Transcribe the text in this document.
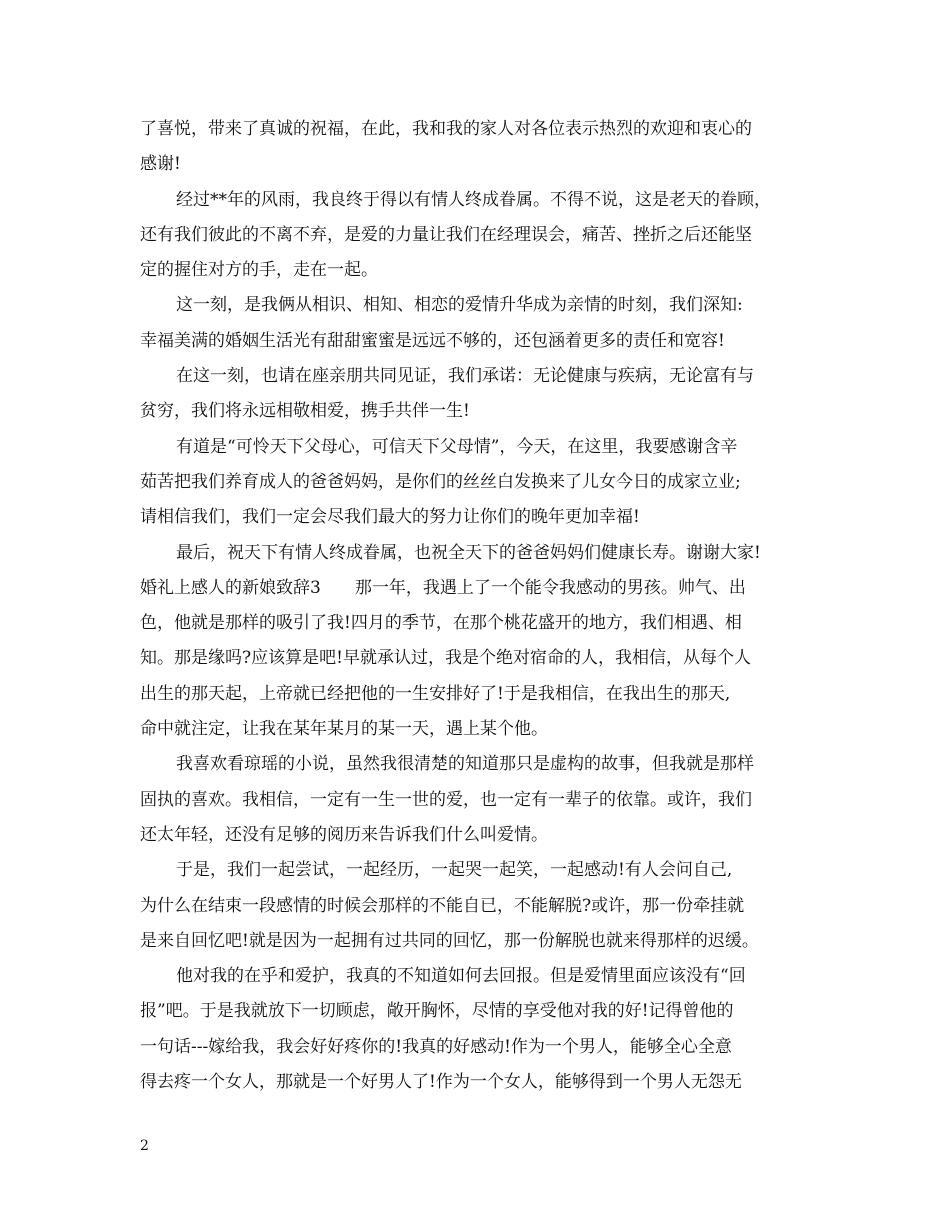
了喜悦，带来了真诚的祝福，在此，我和我的家人对各位表示热烈的欢迎和衷心的
感谢!
经过**年的风雨，我良终于得以有情人终成眷属。不得不说，这是老天的眷顾，
还有我们彼此的不离不弃，是爱的力量让我们在经理误会，痛苦、挫折之后还能坚
定的握住对方的手，走在一起。
这一刻，是我俩从相识、相知、相恋的爱情升华成为亲情的时刻，我们深知:
幸福美满的婚姻生活光有甜甜蜜蜜是远远不够的，还包涵着更多的责任和宽容!
在这一刻，也请在座亲朋共同见证，我们承诺：无论健康与疾病，无论富有与
贫穷，我们将永远相敬相爱，携手共伴一生!
有道是“可怜天下父母心，可信天下父母情”，今天，在这里，我要感谢含辛
茹苦把我们养育成人的爸爸妈妈，是你们的丝丝白发换来了儿女今日的成家立业;
请相信我们，我们一定会尽我们最大的努力让你们的晚年更加幸福!
最后，祝天下有情人终成眷属，也祝全天下的爸爸妈妈们健康长寿。谢谢大家!
婚礼上感人的新娘致辞3　　那一年，我遇上了一个能令我感动的男孩。帅气、出
色，他就是那样的吸引了我!四月的季节，在那个桃花盛开的地方，我们相遇、相
知。那是缘吗?应该算是吧!早就承认过，我是个绝对宿命的人，我相信，从每个人
出生的那天起，上帝就已经把他的一生安排好了!于是我相信，在我出生的那天,
命中就注定，让我在某年某月的某一天，遇上某个他。
我喜欢看琼瑶的小说，虽然我很清楚的知道那只是虚构的故事，但我就是那样
固执的喜欢。我相信，一定有一生一世的爱，也一定有一辈子的依靠。或许，我们
还太年轻，还没有足够的阅历来告诉我们什么叫爱情。
于是，我们一起尝试，一起经历，一起哭一起笑，一起感动!有人会问自己,
为什么在结束一段感情的时候会那样的不能自已，不能解脱?或许，那一份牵挂就
是来自回忆吧!就是因为一起拥有过共同的回忆，那一份解脱也就来得那样的迟缓。
他对我的在乎和爱护，我真的不知道如何去回报。但是爱情里面应该没有“回
报”吧。于是我就放下一切顾虑，敞开胸怀，尽情的享受他对我的好!记得曾他的
一句话---嫁给我，我会好好疼你的!我真的好感动!作为一个男人，能够全心全意
得去疼一个女人，那就是一个好男人了!作为一个女人，能够得到一个男人无怨无
2
